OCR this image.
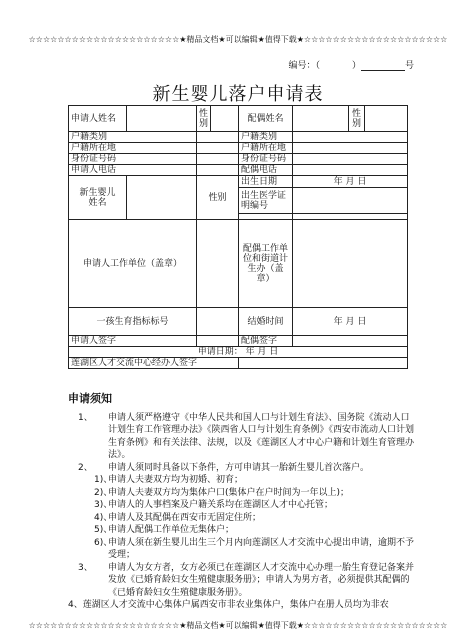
☆☆☆☆☆☆☆☆☆☆☆☆☆☆☆☆☆☆☆☆☆★精品文档★可以编辑★值得下载★☆☆☆☆☆☆☆☆☆☆☆☆☆☆☆☆☆☆☆☆
编号：（	）	号
新生婴儿落户申请表
申请人姓名		性别		配偶姓名		性别	
户籍类别				户籍类别			
户籍所在地				户籍所在地			
身份证号码				身份证号码			
申请人电话				配偶电话			
新生婴儿姓名		性别		出生日期	年 月 日		
				出生医学证明编号			

申请人工作单位（盖章）				配偶工作单位和街道计生办（盖章）			
一孩生育指标标号				结婚时间	年 月 日		
申请人签字				配偶签字			
申请日期： 年 月 日							
莲湖区人才交流中心经办人签字							
申请须知
1、 申请人须严格遵守《中华人民共和国人口与计划生育法》、国务院《流动人口计划生育工作管理办法》《陕西省人口与计划生育条例》《西安市流动人口计划生育条例》和有关法律、法规，以及《莲湖区人才中心户籍和计划生育管理办法》。
2、 申请人须同时具备以下条件，方可申请其一胎新生婴儿首次落户。
1)、
申请人夫妻双方均为初婚、初育；
2)、
申请人夫妻双方均为集体户口(集体户在户时间为一年以上)；
3)、
申请人的人事档案及户籍关系均在莲湖区人才中心托管；
4)、
申请人及其配偶在西安市无固定住所；
5)、
申请人配偶工作单位无集体户；
6)、
申请人须在新生婴儿出生三个月内向莲湖区人才交流中心提出申请，逾期不予受理；
3、 申请人为女方者，女方必须已在莲湖区人才交流中心办理一胎生育登记备案并发放《已婚育龄妇女生殖健康服务册》；申请人为男方者，必须提供其配偶的《已婚育龄妇女生殖健康服务册》。
4、莲湖区人才交流中心集体户属西安市非农业集体户，集体户在册人员均为非农
☆☆☆☆☆☆☆☆☆☆☆☆☆☆☆☆☆☆☆☆☆★精品文档★可以编辑★值得下载★☆☆☆☆☆☆☆☆☆☆☆☆☆☆☆☆☆☆☆☆
